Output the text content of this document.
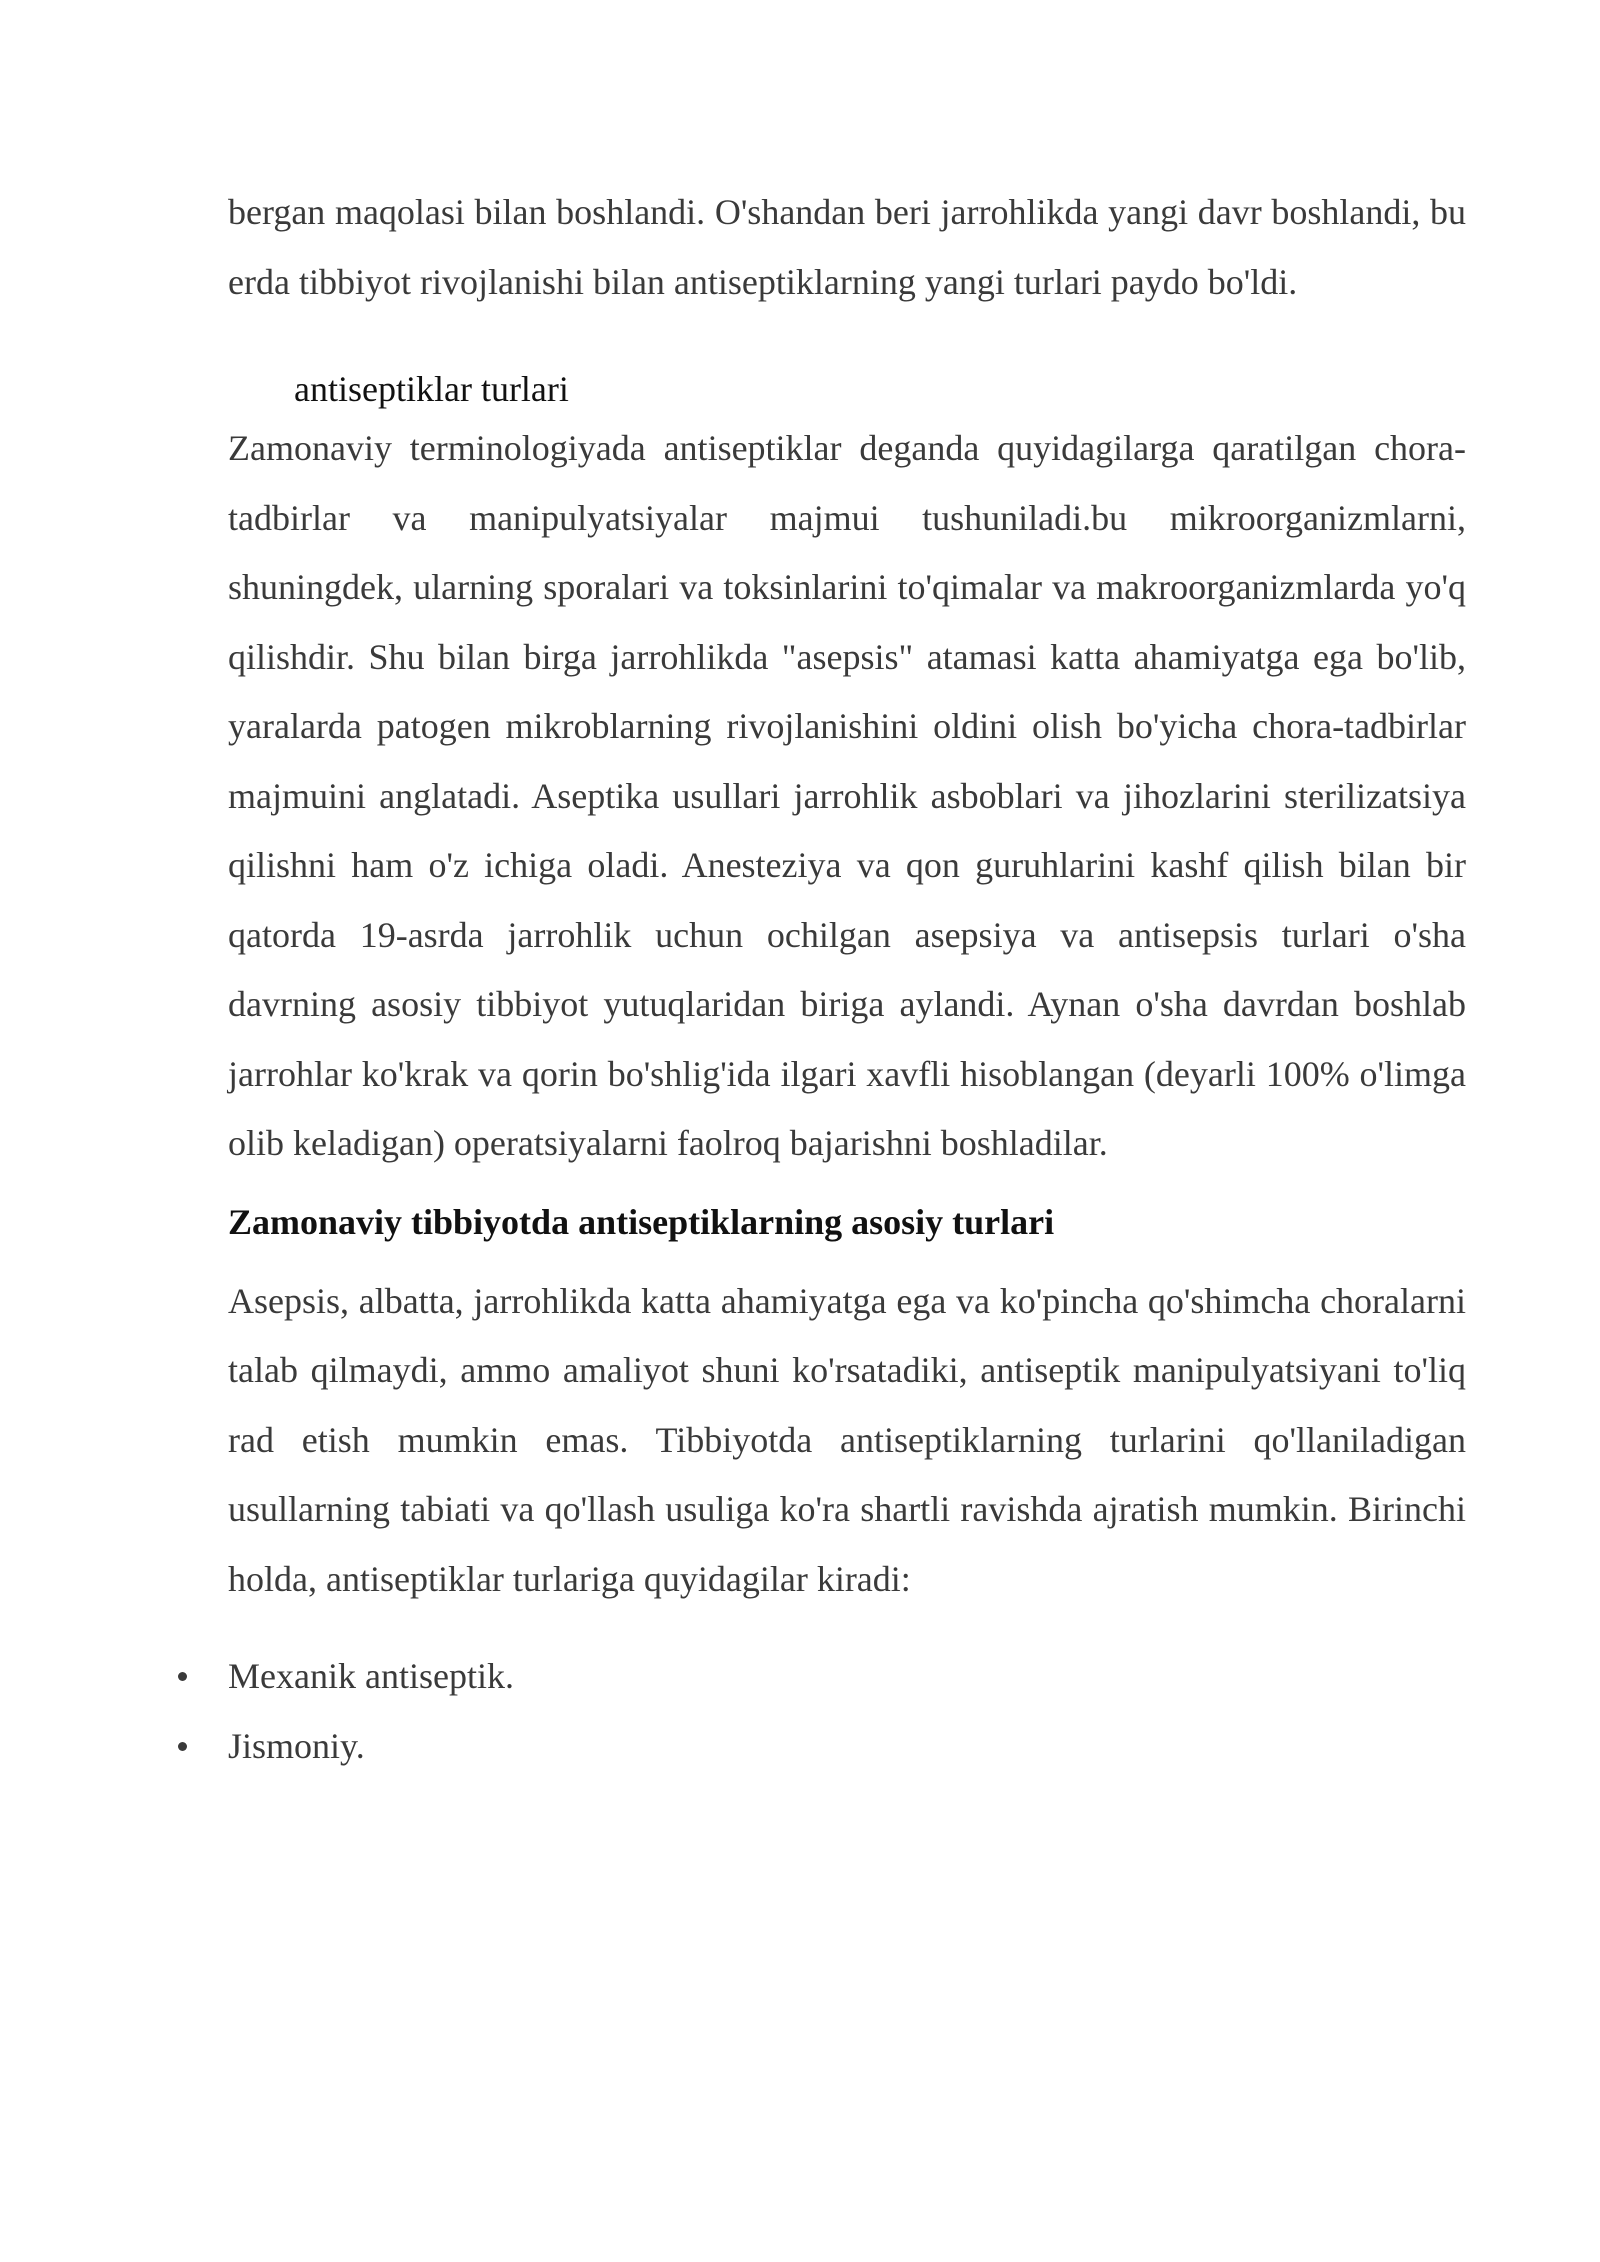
bergan maqolasi bilan boshlandi. O'shandan beri jarrohlikda yangi davr boshlandi, bu erda tibbiyot rivojlanishi bilan antiseptiklarning yangi turlari paydo bo'ldi.

antiseptiklar turlari

Zamonaviy terminologiyada antiseptiklar deganda quyidagilarga qaratilgan chora-tadbirlar va manipulyatsiyalar majmui tushuniladi.bu mikroorganizmlarni, shuningdek, ularning sporalari va toksinlarini to'qimalar va makroorganizmlarda yo'q qilishdir. Shu bilan birga jarrohlikda "asepsis" atamasi katta ahamiyatga ega bo'lib, yaralarda patogen mikroblarning rivojlanishini oldini olish bo'yicha chora-tadbirlar majmuini anglatadi. Aseptika usullari jarrohlik asboblari va jihozlarini sterilizatsiya qilishni ham o'z ichiga oladi. Anesteziya va qon guruhlarini kashf qilish bilan bir qatorda 19-asrda jarrohlik uchun ochilgan asepsiya va antisepsis turlari o'sha davrning asosiy tibbiyot yutuqlaridan biriga aylandi. Aynan o'sha davrdan boshlab jarrohlar ko'krak va qorin bo'shlig'ida ilgari xavfli hisoblangan (deyarli 100% o'limga olib keladigan) operatsiyalarni faolroq bajarishni boshladilar.

Zamonaviy tibbiyotda antiseptiklarning asosiy turlari

Asepsis, albatta, jarrohlikda katta ahamiyatga ega va ko'pincha qo'shimcha choralarni talab qilmaydi, ammo amaliyot shuni ko'rsatadiki, antiseptik manipulyatsiyani to'liq rad etish mumkin emas. Tibbiyotda antiseptiklarning turlarini qo'llaniladigan usullarning tabiati va qo'llash usuliga ko'ra shartli ravishda ajratish mumkin. Birinchi holda, antiseptiklar turlariga quyidagilar kiradi:

Mexanik antiseptik.
Jismoniy.
